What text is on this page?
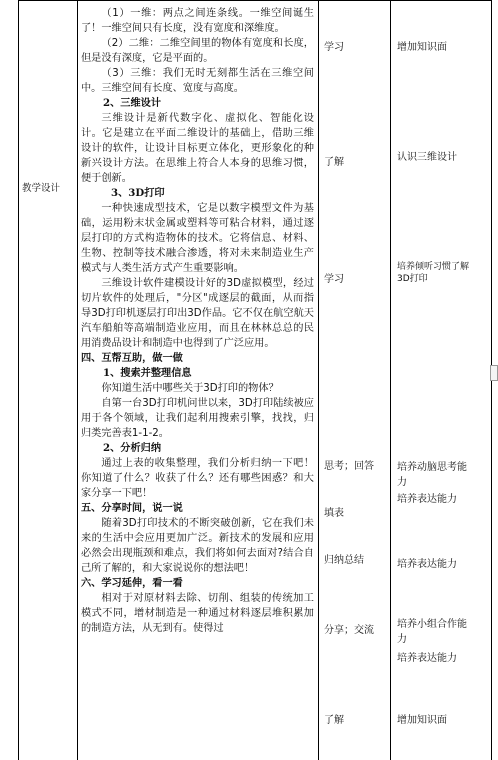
教学设计

（1）一维：两点之间连条线。一维空间诞生了！一维空间只有长度，没有宽度和深维度。

（2）二维：二维空间里的物体有宽度和长度，但是没有深度，它是平面的。

（3）三维：我们无时无刻都生活在三维空间中。三维空间有长度、宽度与高度。

2、三维设计

三维设计是新代数字化、虚拟化、智能化设计。它是建立在平面二维设计的基础上，借助三维设计的软件，让设计目标更立体化，更形象化的种新兴设计方法。在思维上符合人本身的思维习惯，便于创新。

3、3D打印

一种快速成型技术，它是以数字模型文件为基础，运用粉末状金属或塑料等可粘合材料，通过逐层打印的方式构造物体的技术。它将信息、材料、生物、控制等技术融合渗透，将对未来制造业生产模式与人类生活方式产生重要影响。

三维设计软件建模设计好的3D虚拟模型，经过切片软件的处理后，"分区"成逐层的截面，从而指导3D打印机逐层打印出3D作品。它不仅在航空航天汽车船舶等高端制造业应用，而且在林林总总的民用消费品设计和制造中也得到了广泛应用。

四、互帮互助，做一做

1、搜索并整理信息

你知道生活中哪些关于3D打印的物体？

自第一台3D打印机问世以来，3D打印陆续被应用于各个领域，让我们起利用搜索引擎，找找，归归类完善表1-1-2。

2、分析归纳

通过上表的收集整理，我们分析归纳一下吧！你知道了什么？收获了什么？还有哪些困惑？和大家分享一下吧！

五、分享时间，说一说

随着3D打印技术的不断突破创新，它在我们未来的生活中会应用更加广泛。新技术的发展和应用必然会出现瓶颈和难点，我们将如何去面对?结合自己所了解的，和大家说说你的想法吧！

六、学习延伸，看一看

相对于对原材料去除、切削、组装的传统加工模式不同，增材制造是一种通过材料逐层堆积累加的制造方法，从无到有。使得过

学习
了解
学习
思考；回答
填表
归纳总结
分享；交流
了解
增加知识面
认识三维设计
培养倾听习惯了解3D打印
培养动脑思考能力
培养表达能力
培养表达能力
培养小组合作能力
培养表达能力
增加知识面
